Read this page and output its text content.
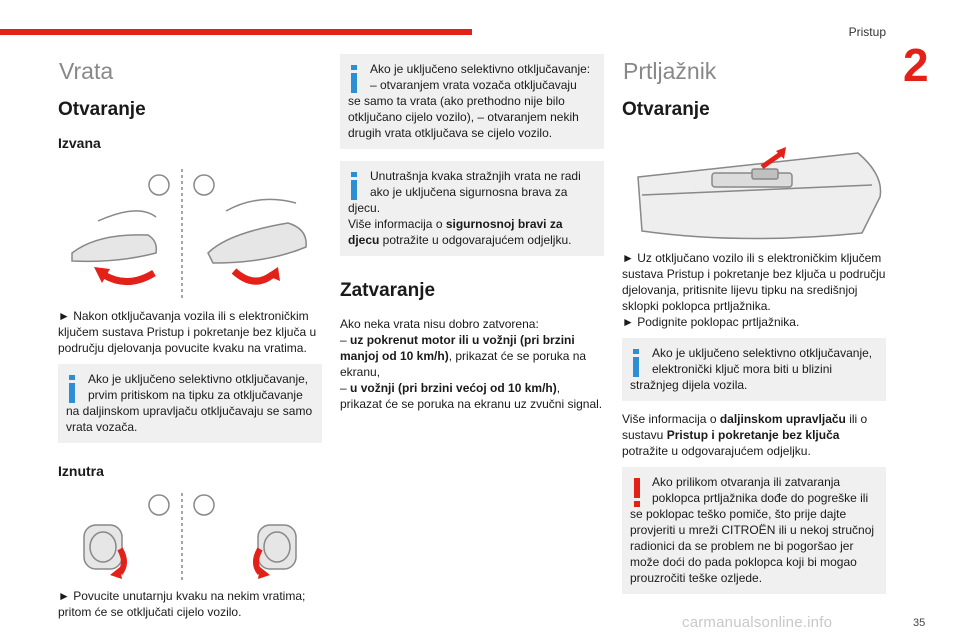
Pristup
2
Vrata
Otvaranje
Izvana

► Nakon otključavanja vozila ili s elektroničkim ključem sustava Pristup i pokretanje bez ključa u području djelovanja povucite kvaku na vratima.

Ako je uključeno selektivno otključavanje, prvim pritiskom na tipku za otključavanje
na daljinskom upravljaču otključavaju se samo vrata vozača.
Iznutra

► Povucite unutarnju kvaku na nekim vratima; pritom će se otključati cijelo vozilo.

Ako je uključeno selektivno otključavanje: – otvaranjem vrata vozača otključavaju
se samo ta vrata (ako prethodno nije bilo otključano cijelo vozilo), – otvaranjem nekih drugih vrata otključava se cijelo vozilo.
Unutrašnja kvaka stražnjih vrata ne radi ako je uključena sigurnosna brava za
djecu.
Više informacija o sigurnosnoj bravi za djecu potražite u odgovarajućem odjeljku.
Zatvaranje

Ako neka vrata nisu dobro zatvorena:

– uz pokrenut motor ili u vožnji (pri brzini manjoj od 10 km/h), prikazat će se poruka na ekranu,

– u vožnji (pri brzini većoj od 10 km/h), prikazat će se poruka na ekranu uz zvučni signal.

Prtljažnik
Otvaranje

► Uz otključano vozilo ili s elektroničkim ključem sustava Pristup i pokretanje bez ključa u području djelovanja, pritisnite lijevu tipku na središnjoj sklopki poklopca prtljažnika.

► Podignite poklopac prtljažnika.

Ako je uključeno selektivno otključavanje, elektronički ključ mora biti u blizini
stražnjeg dijela vozila.

Više informacija o daljinskom upravljaču ili o sustavu Pristup i pokretanje bez ključa potražite u odgovarajućem odjeljku.

Ako prilikom otvaranja ili zatvaranja poklopca prtljažnika dođe do pogreške ili
se poklopac teško pomiče, što prije dajte provjeriti u mreži CITROËN ili u nekoj stručnoj radionici da se problem ne bi pogoršao jer može doći do pada poklopca koji bi mogao prouzročiti teške ozljede.
carmanualsonline.info	35
